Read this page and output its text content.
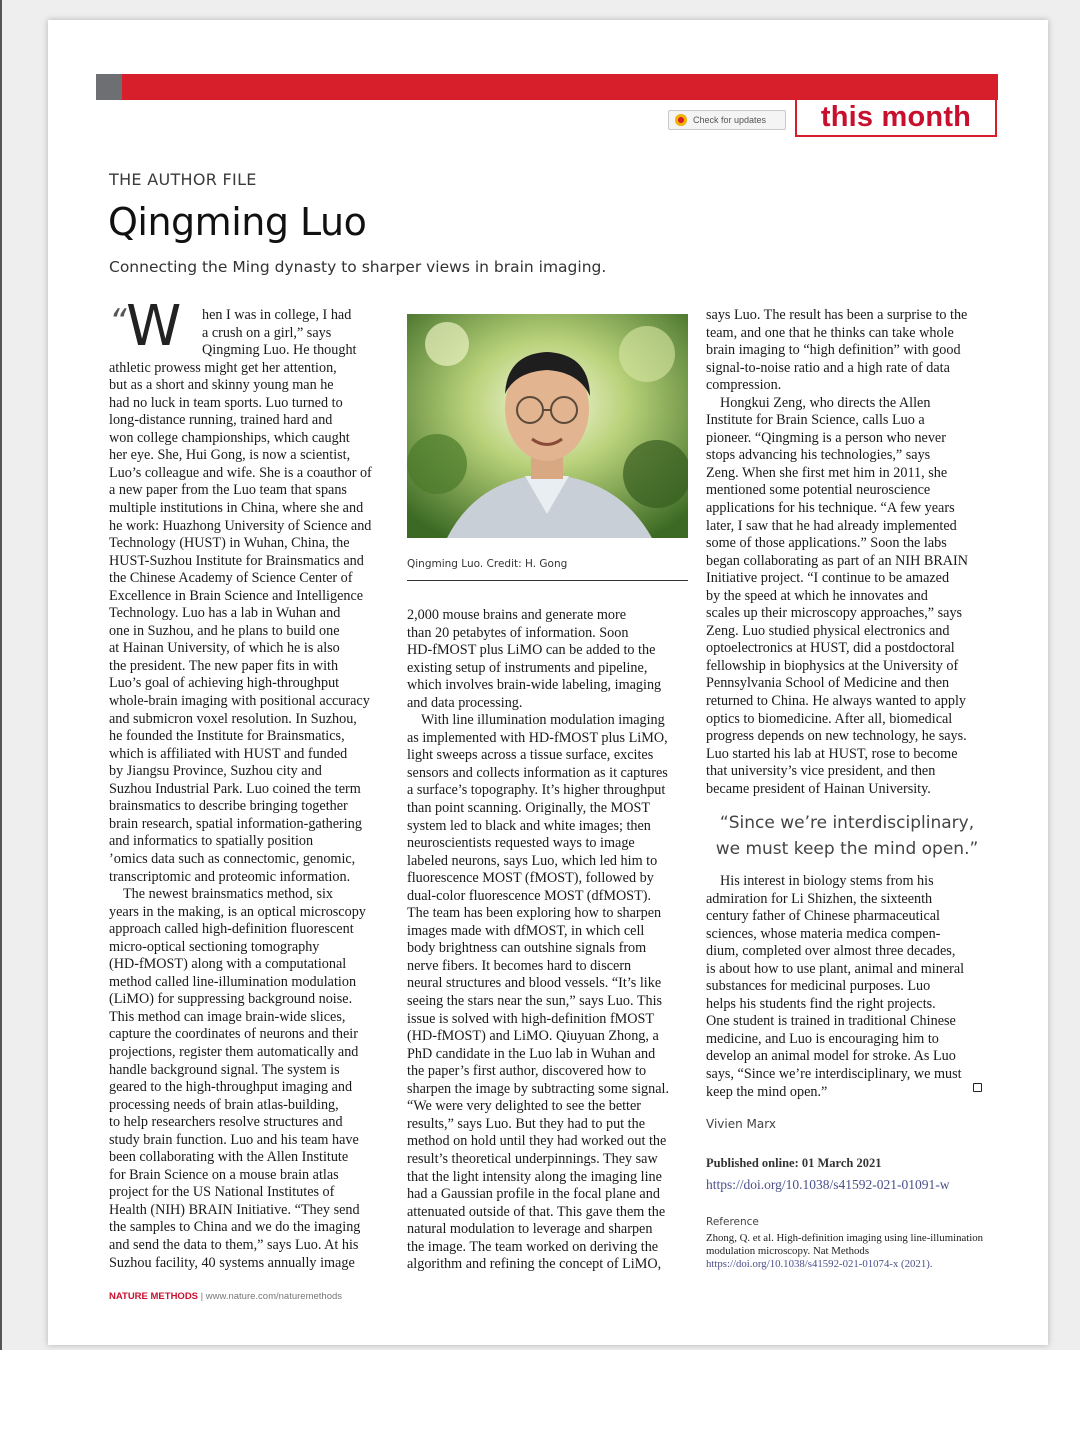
Check for updates	this month
THE AUTHOR FILE
Qingming Luo
Connecting the Ming dynasty to sharper views in brain imaging.
“ W	hen I was in college, I had
a crush on a girl,” says
Qingming Luo. He thought
athletic prowess might get her attention,
but as a short and skinny young man he
had no luck in team sports. Luo turned to
long-distance running, trained hard and
won college championships, which caught
her eye. She, Hui Gong, is now a scientist,
Luo’s colleague and wife. She is a coauthor of
a new paper from the Luo team that spans
multiple institutions in China, where she and
he work: Huazhong University of Science and
Technology (HUST) in Wuhan, China, the
HUST-Suzhou Institute for Brainsmatics and
the Chinese Academy of Science Center of
Excellence in Brain Science and Intelligence
Technology. Luo has a lab in Wuhan and
one in Suzhou, and he plans to build one
at Hainan University, of which he is also
the president. The new paper fits in with
Luo’s goal of achieving high-throughput
whole-brain imaging with positional accuracy
and submicron voxel resolution. In Suzhou,
he founded the Institute for Brainsmatics,
which is affiliated with HUST and funded
by Jiangsu Province, Suzhou city and
Suzhou Industrial Park. Luo coined the term
brainsmatics to describe bringing together
brain research, spatial information-gathering
and informatics to spatially position
’omics data such as connectomic, genomic,
transcriptomic and proteomic information.
The newest brainsmatics method, six
years in the making, is an optical microscopy
approach called high-definition fluorescent
micro-optical sectioning tomography
(HD-fMOST) along with a computational
method called line-illumination modulation
(LiMO) for suppressing background noise.
This method can image brain-wide slices,
capture the coordinates of neurons and their
projections, register them automatically and
handle background signal. The system is
geared to the high-throughput imaging and
processing needs of brain atlas-building,
to help researchers resolve structures and
study brain function. Luo and his team have
been collaborating with the Allen Institute
for Brain Science on a mouse brain atlas
project for the US National Institutes of
Health (NIH) BRAIN Initiative. “They send
the samples to China and we do the imaging
and send the data to them,” says Luo. At his
Suzhou facility, 40 systems annually image
Qingming Luo. Credit: H. Gong
2,000 mouse brains and generate more
than 20 petabytes of information. Soon
HD-fMOST plus LiMO can be added to the
existing setup of instruments and pipeline,
which involves brain-wide labeling, imaging
and data processing.
With line illumination modulation imaging
as implemented with HD-fMOST plus LiMO,
light sweeps across a tissue surface, excites
sensors and collects information as it captures
a surface’s topography. It’s higher throughput
than point scanning. Originally, the MOST
system led to black and white images; then
neuroscientists requested ways to image
labeled neurons, says Luo, which led him to
fluorescence MOST (fMOST), followed by
dual-color fluorescence MOST (dfMOST).
The team has been exploring how to sharpen
images made with dfMOST, in which cell
body brightness can outshine signals from
nerve fibers. It becomes hard to discern
neural structures and blood vessels. “It’s like
seeing the stars near the sun,” says Luo. This
issue is solved with high-definition fMOST
(HD-fMOST) and LiMO. Qiuyuan Zhong, a
PhD candidate in the Luo lab in Wuhan and
the paper’s first author, discovered how to
sharpen the image by subtracting some signal.
“We were very delighted to see the better
results,” says Luo. But they had to put the
method on hold until they had worked out the
result’s theoretical underpinnings. They saw
that the light intensity along the imaging line
had a Gaussian profile in the focal plane and
attenuated outside of that. This gave them the
natural modulation to leverage and sharpen
the image. The team worked on deriving the
algorithm and refining the concept of LiMO,
says Luo. The result has been a surprise to the
team, and one that he thinks can take whole
brain imaging to “high definition” with good
signal-to-noise ratio and a high rate of data
compression.
Hongkui Zeng, who directs the Allen
Institute for Brain Science, calls Luo a
pioneer. “Qingming is a person who never
stops advancing his technologies,” says
Zeng. When she first met him in 2011, she
mentioned some potential neuroscience
applications for his technique. “A few years
later, I saw that he had already implemented
some of those applications.” Soon the labs
began collaborating as part of an NIH BRAIN
Initiative project. “I continue to be amazed
by the speed at which he innovates and
scales up their microscopy approaches,” says
Zeng. Luo studied physical electronics and
optoelectronics at HUST, did a postdoctoral
fellowship in biophysics at the University of
Pennsylvania School of Medicine and then
returned to China. He always wanted to apply
optics to biomedicine. After all, biomedical
progress depends on new technology, he says.
Luo started his lab at HUST, rose to become
that university’s vice president, and then
became president of Hainan University.
“Since we’re interdisciplinary, we must keep the mind open.”
His interest in biology stems from his
admiration for Li Shizhen, the sixteenth
century father of Chinese pharmaceutical
sciences, whose materia medica compen-
dium, completed over almost three decades,
is about how to use plant, animal and mineral
substances for medicinal purposes. Luo
helps his students find the right projects.
One student is trained in traditional Chinese
medicine, and Luo is encouraging him to
develop an animal model for stroke. As Luo
says, “Since we’re interdisciplinary, we must
keep the mind open.”
Vivien Marx
Published online: 01 March 2021
https://doi.org/10.1038/s41592-021-01091-w
Reference
Zhong, Q. et al. High-definition imaging using line-illumination modulation microscopy. Nat Methods https://doi.org/10.1038/s41592-021-01074-x (2021).
NATURE METHODS | www.nature.com/naturemethods
